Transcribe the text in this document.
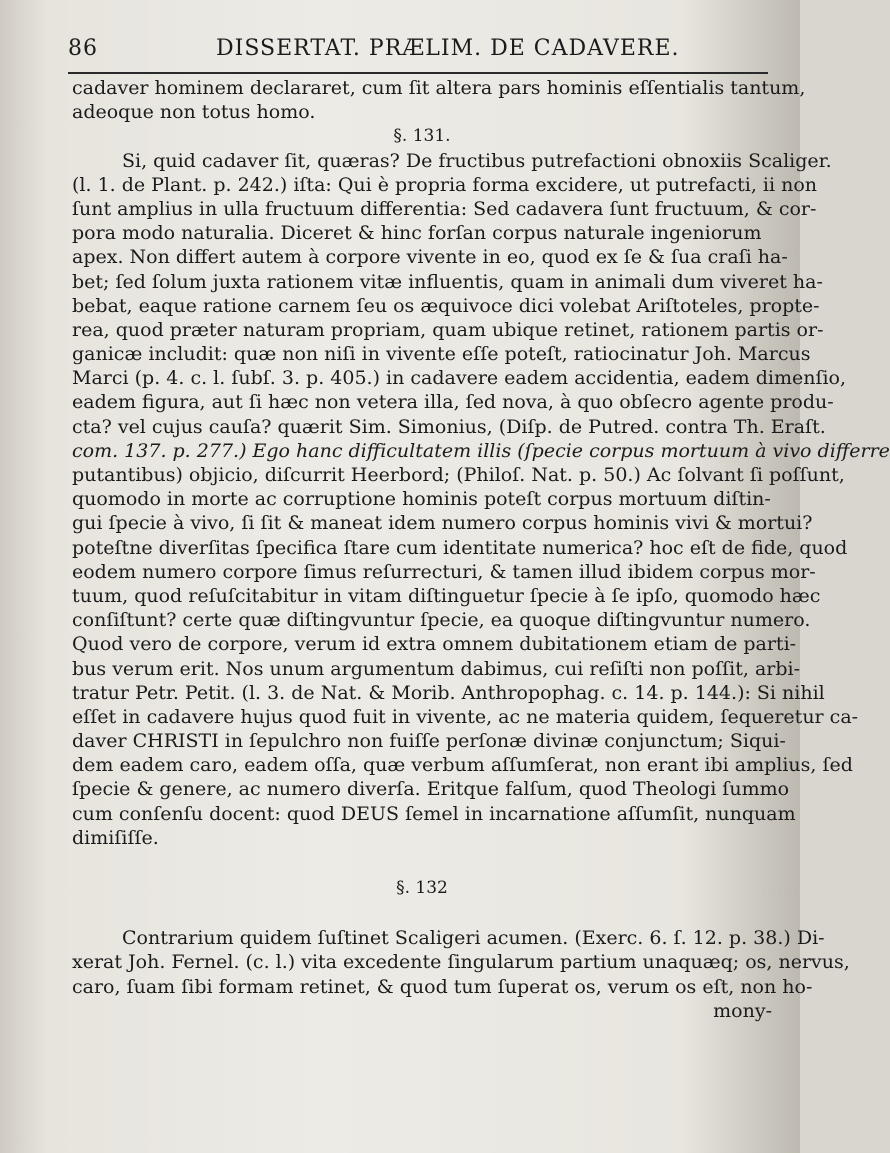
86	DISSERTAT. PRÆLIM. DE CADAVERE.
cadaver hominem declararet, cum ſit altera pars hominis eſſentialis tantum,
adeoque non totus homo.
§. 131.
Si, quid cadaver ſit, quæras? De fructibus putrefactioni obnoxiis Scaliger.
(l. 1. de Plant. p. 242.) iſta: Qui è propria forma excidere, ut putrefacti, ii non
ſunt amplius in ulla fructuum differentia: Sed cadavera ſunt fructuum, & cor-
pora modo naturalia. Diceret & hinc forſan corpus naturale ingeniorum
apex. Non differt autem à corpore vivente in eo, quod ex ſe & ſua craſi ha-
bet; ſed ſolum juxta rationem vitæ influentis, quam in animali dum viveret ha-
bebat, eaque ratione carnem ſeu os æquivoce dici volebat Ariſtoteles, propte-
rea, quod præter naturam propriam, quam ubique retinet, rationem partis or-
ganicæ includit: quæ non niſi in vivente eſſe poteſt, ratiocinatur Joh. Marcus
Marci (p. 4. c. l. ſubſ. 3. p. 405.) in cadavere eadem accidentia, eadem dimenſio,
eadem figura, aut ſi hæc non vetera illa, ſed nova, à quo obſecro agente produ-
cta? vel cujus cauſa? quærit Sim. Simonius, (Diſp. de Putred. contra Th. Eraſt.
com. 137. p. 277.) Ego hanc difficultatem illis (ſpecie corpus mortuum à vivo differre
putantibus) objicio, diſcurrit Heerbord; (Philoſ. Nat. p. 50.) Ac ſolvant ſi poſſunt,
quomodo in morte ac corruptione hominis poteſt corpus mortuum diſtin-
gui ſpecie à vivo, ſi ſit & maneat idem numero corpus hominis vivi & mortui?
poteſtne diverſitas ſpecifica ſtare cum identitate numerica? hoc eſt de fide, quod
eodem numero corpore ſimus reſurrecturi, & tamen illud ibidem corpus mor-
tuum, quod reſuſcitabitur in vitam diſtinguetur ſpecie à ſe ipſo, quomodo hæc
conſiſtunt? certe quæ diſtingvuntur ſpecie, ea quoque diſtingvuntur numero.
Quod vero de corpore, verum id extra omnem dubitationem etiam de parti-
bus verum erit. Nos unum argumentum dabimus, cui reſiſti non poſſit, arbi-
tratur Petr. Petit. (l. 3. de Nat. & Morib. Anthropophag. c. 14. p. 144.): Si nihil
eſſet in cadavere hujus quod fuit in vivente, ac ne materia quidem, ſequeretur ca-
daver CHRISTI in ſepulchro non fuiſſe perſonæ divinæ conjunctum; Siqui-
dem eadem caro, eadem oſſa, quæ verbum aſſumſerat, non erant ibi amplius, ſed
ſpecie & genere, ac numero diverſa. Eritque falſum, quod Theologi ſummo
cum conſenſu docent: quod DEUS ſemel in incarnatione aſſumſit, nunquam
dimiſiſſe.
§. 132
Contrarium quidem ſuſtinet Scaligeri acumen. (Exerc. 6. ſ. 12. p. 38.) Di-
xerat Joh. Fernel. (c. l.) vita excedente ſingularum partium unaquæq; os, nervus,
caro, ſuam ſibi formam retinet, & quod tum ſuperat os, verum os eſt, non ho-
mony-
